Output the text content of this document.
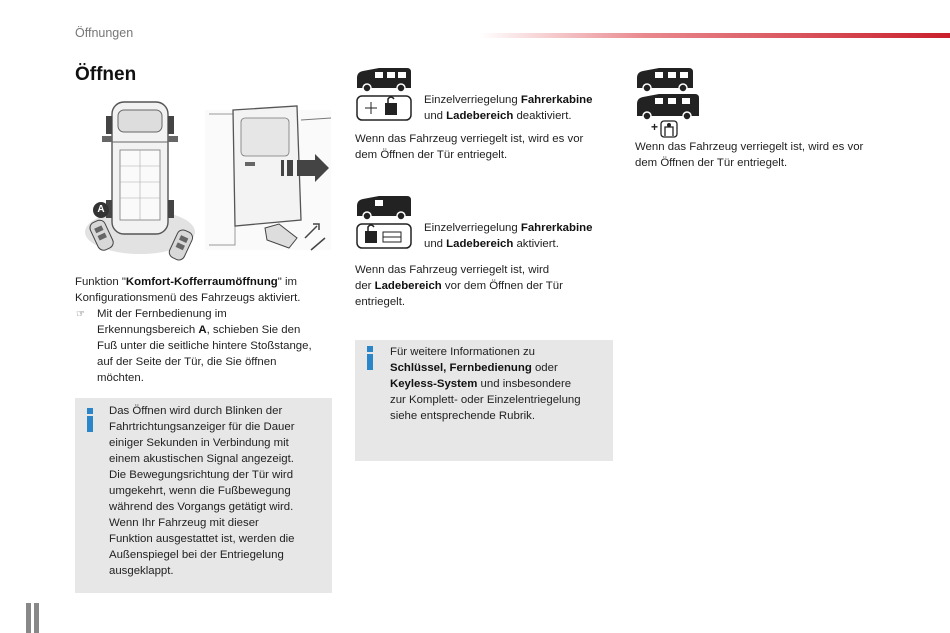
Öffnungen
Öffnen
A
Funktion "Komfort-Kofferraumöffnung" im
Konfigurationsmenü des Fahrzeugs aktiviert.
☞ Mit der Fernbedienung im
Erkennungsbereich A, schieben Sie den
Fuß unter die seitliche hintere Stoßstange,
auf der Seite der Tür, die Sie öffnen
möchten.
Das Öffnen wird durch Blinken der
Fahrtrichtungsanzeiger für die Dauer
einiger Sekunden in Verbindung mit
einem akustischen Signal angezeigt.
Die Bewegungsrichtung der Tür wird
umgekehrt, wenn die Fußbewegung
während des Vorgangs getätigt wird.
Wenn Ihr Fahrzeug mit dieser
Funktion ausgestattet ist, werden die
Außenspiegel bei der Entriegelung
ausgeklappt.
Einzelverriegelung Fahrerkabine
und Ladebereich deaktiviert.
Wenn das Fahrzeug verriegelt ist, wird es vor
dem Öffnen der Tür entriegelt.
Einzelverriegelung Fahrerkabine
und Ladebereich aktiviert.
Wenn das Fahrzeug verriegelt ist, wird
der Ladebereich vor dem Öffnen der Tür
entriegelt.
Für weitere Informationen zu
Schlüssel, Fernbedienung oder
Keyless-System und insbesondere
zur Komplett- oder Einzelentriegelung
siehe entsprechende Rubrik.
+
Wenn das Fahrzeug verriegelt ist, wird es vor
dem Öffnen der Tür entriegelt.
